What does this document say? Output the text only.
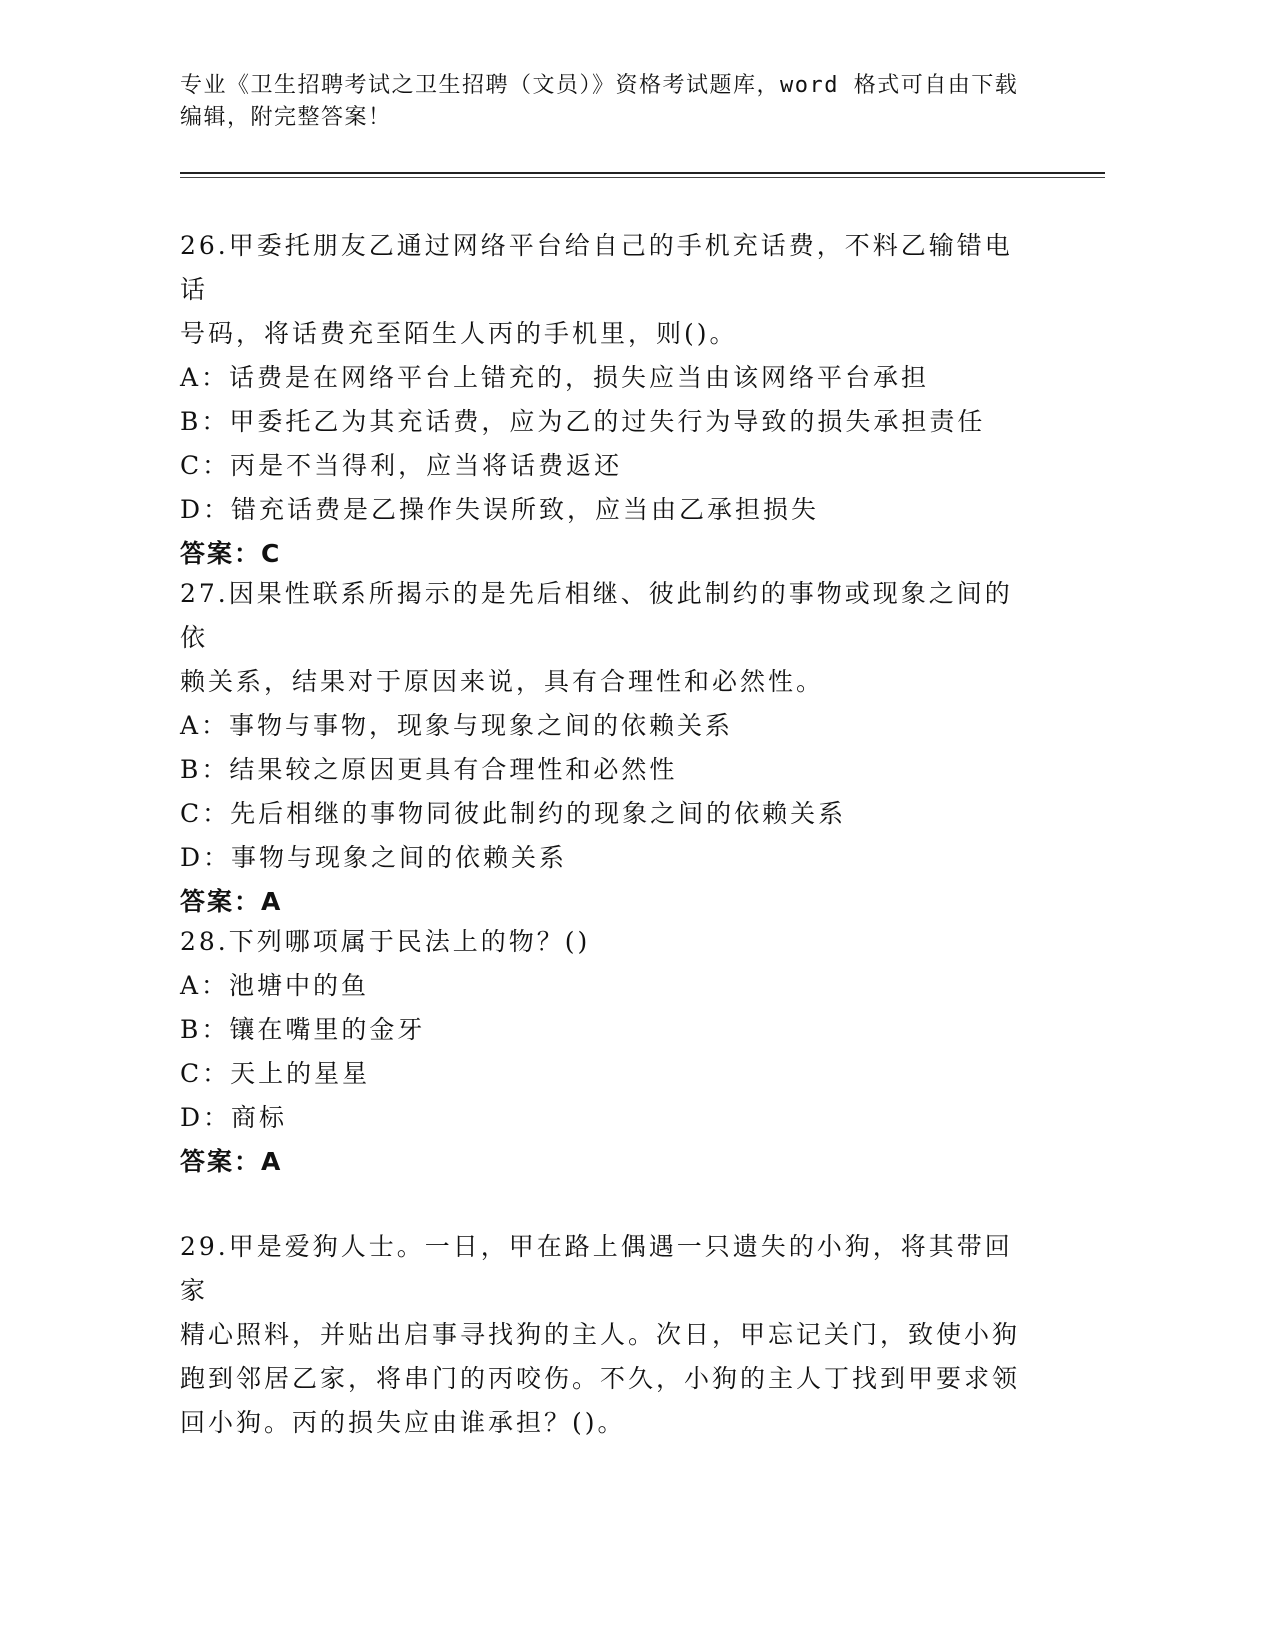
专业《卫生招聘考试之卫生招聘（文员）》资格考试题库，word 格式可自由下载
编辑，附完整答案！
26.甲委托朋友乙通过网络平台给自己的手机充话费，不料乙输错电话
号码，将话费充至陌生人丙的手机里，则()。
A：话费是在网络平台上错充的，损失应当由该网络平台承担
B：甲委托乙为其充话费，应为乙的过失行为导致的损失承担责任
C：丙是不当得利，应当将话费返还
D：错充话费是乙操作失误所致，应当由乙承担损失
答案：C
27.因果性联系所揭示的是先后相继、彼此制约的事物或现象之间的依
赖关系，结果对于原因来说，具有合理性和必然性。
A：事物与事物，现象与现象之间的依赖关系
B：结果较之原因更具有合理性和必然性
C：先后相继的事物同彼此制约的现象之间的依赖关系
D：事物与现象之间的依赖关系
答案：A
28.下列哪项属于民法上的物？()
A：池塘中的鱼
B：镶在嘴里的金牙
C：天上的星星
D：商标
答案：A
29.甲是爱狗人士。一日，甲在路上偶遇一只遗失的小狗，将其带回家
精心照料，并贴出启事寻找狗的主人。次日，甲忘记关门，致使小狗
跑到邻居乙家，将串门的丙咬伤。不久，小狗的主人丁找到甲要求领
回小狗。丙的损失应由谁承担？()。
